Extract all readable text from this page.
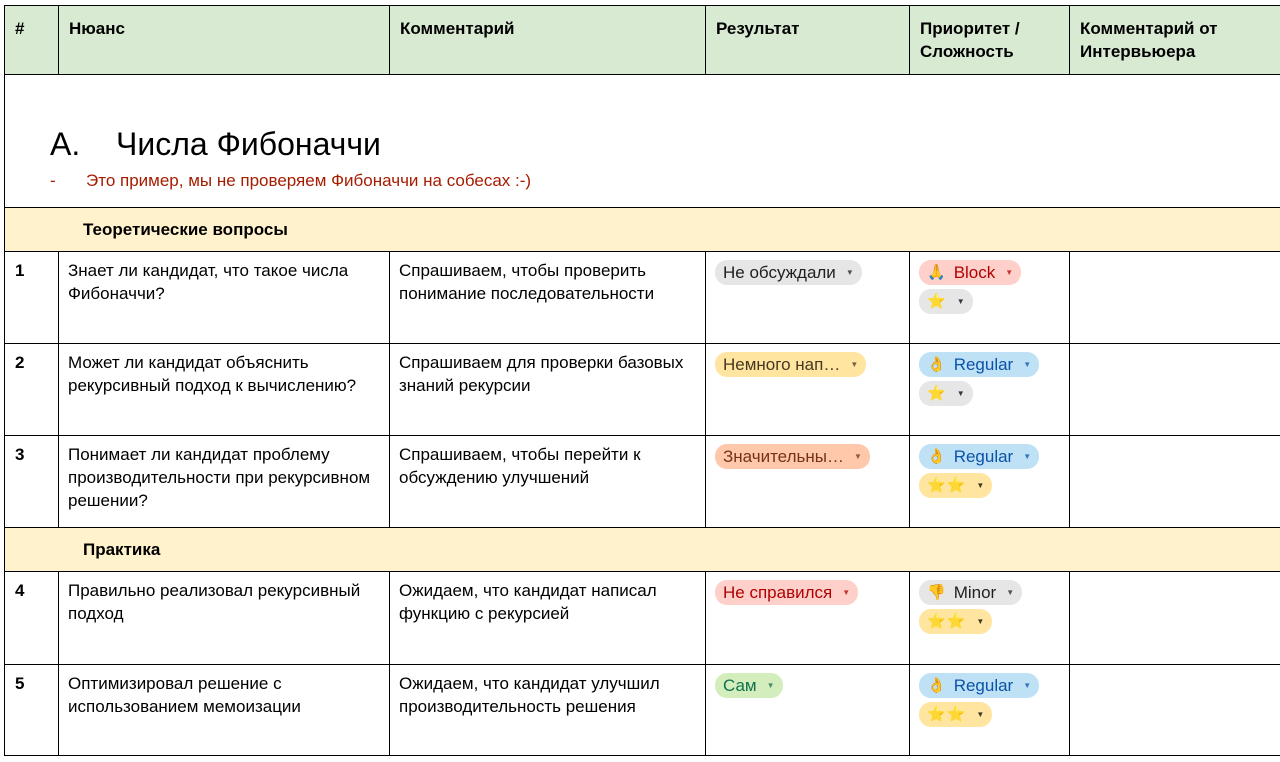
#	Нюанс	Комментарий	Результат	Приоритет / Сложность	Комментарий от Интервьюера

A. Числа Фибоначчи
- Это пример, мы не проверяем Фибоначчи на собесах :-)					

Теоретические вопросы					
1	Знает ли кандидат, что такое числа Фибоначчи?	Спрашиваем, чтобы проверить понимание последовательности	Не обсуждали ▼	🙏 Block ▼
⭐ ▼	

2	Может ли кандидат объяснить рекурсивный подход к вычислению?	Спрашиваем для проверки базовых знаний рекурсии	Немного нап… ▼	👌 Regular ▼
⭐ ▼	

3	Понимает ли кандидат проблему производительности при рекурсивном решении?	Спрашиваем, чтобы перейти к обсуждению улучшений	Значительны… ▼	👌 Regular ▼
⭐⭐ ▼	

Практика					
4	Правильно реализовал рекурсивный подход	Ожидаем, что кандидат написал функцию с рекурсией	Не справился ▼	👎 Minor ▼
⭐⭐ ▼	

5	Оптимизировал решение с использованием мемоизации	Ожидаем, что кандидат улучшил производительность решения	Сам ▼	👌 Regular ▼
⭐⭐ ▼	
